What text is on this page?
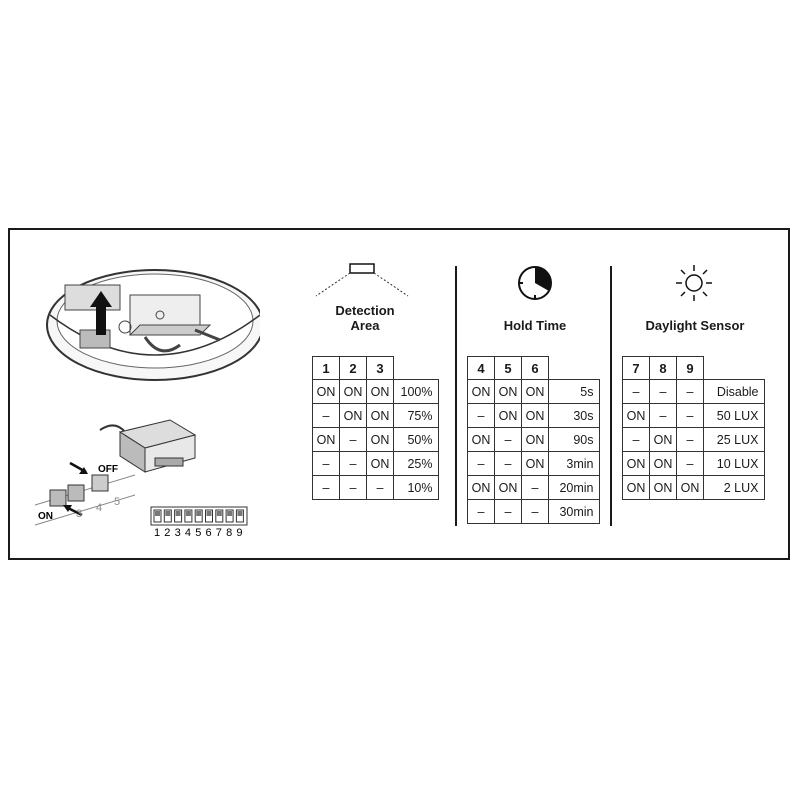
OFF
ON 3 4 5
1 2 3 4 5 6 7 8 9
Detection
Area
1	2	3	
ON	ON	ON	100%
–	ON	ON	75%
ON	–	ON	50%
–	–	ON	25%
–	–	–	10%
Hold Time
4	5	6	
ON	ON	ON	5s
–	ON	ON	30s
ON	–	ON	90s
–	–	ON	3min
ON	ON	–	20min
–	–	–	30min
Daylight Sensor
7	8	9	
–	–	–	Disable
ON	–	–	50 LUX
–	ON	–	25 LUX
ON	ON	–	10 LUX
ON	ON	ON	2 LUX
